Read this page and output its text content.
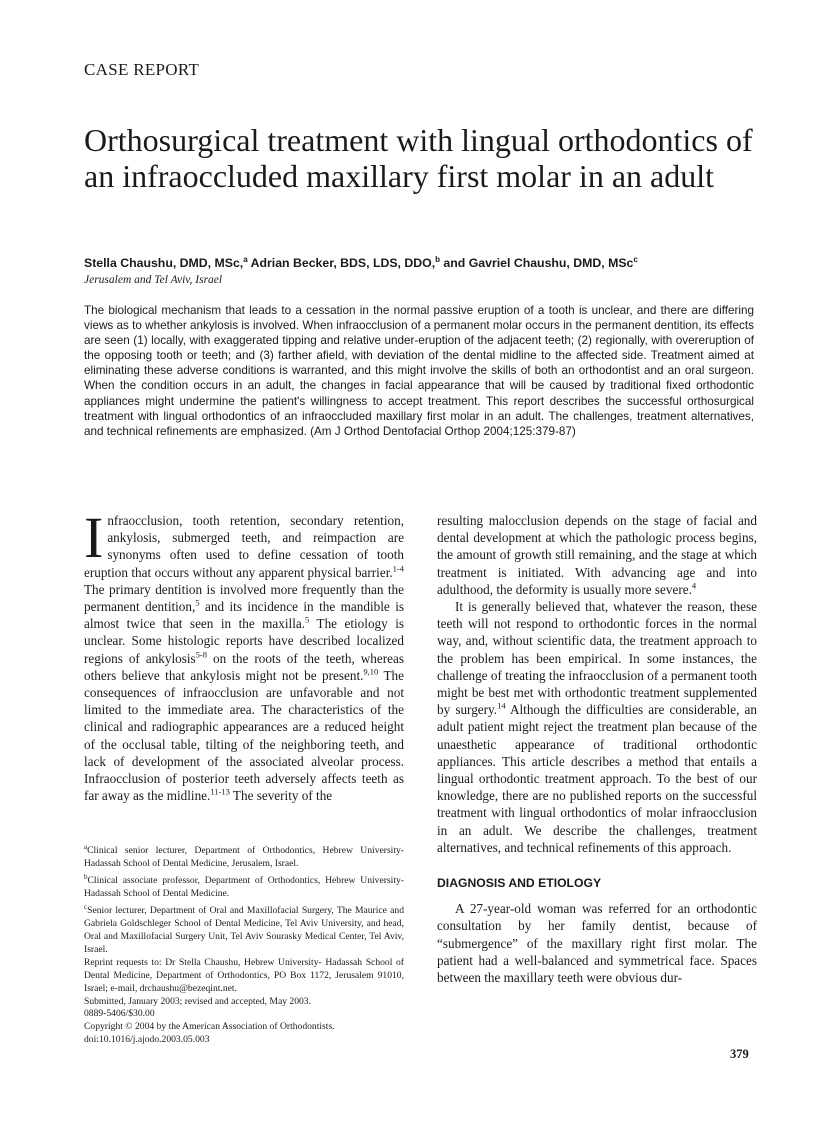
CASE REPORT
Orthosurgical treatment with lingual orthodontics of an infraoccluded maxillary first molar in an adult
Stella Chaushu, DMD, MSc,$^a$ Adrian Becker, BDS, LDS, DDO,$^b$ and Gavriel Chaushu, DMD, MSc$^c$
Jerusalem and Tel Aviv, Israel

The biological mechanism that leads to a cessation in the normal passive eruption of a tooth is unclear, and there are differing views as to whether ankylosis is involved. When infraocclusion of a permanent molar occurs in the permanent dentition, its effects are seen (1) locally, with exaggerated tipping and relative under-eruption of the adjacent teeth; (2) regionally, with overeruption of the opposing tooth or teeth; and (3) farther afield, with deviation of the dental midline to the affected side. Treatment aimed at eliminating these adverse conditions is warranted, and this might involve the skills of both an orthodontist and an oral surgeon. When the condition occurs in an adult, the changes in facial appearance that will be caused by traditional fixed orthodontic appliances might undermine the patient's willingness to accept treatment. This report describes the successful orthosurgical treatment with lingual orthodontics of an infraoccluded maxillary first molar in an adult. The challenges, treatment alternatives, and technical refinements are emphasized. (Am J Orthod Dentofacial Orthop 2004;125:379-87)

Infraocclusion, tooth retention, secondary retention, ankylosis, submerged teeth, and reimpaction are synonyms often used to define cessation of tooth eruption that occurs without any apparent physical barrier.$^{1-4}$ The primary dentition is involved more frequently than the permanent dentition,$^5$ and its incidence in the mandible is almost twice that seen in the maxilla.$^5$ The etiology is unclear. Some histologic reports have described localized regions of ankylosis$^{5-8}$ on the roots of the teeth, whereas others believe that ankylosis might not be present.$^{9,10}$ The consequences of infraocclusion are unfavorable and not limited to the immediate area. The characteristics of the clinical and radiographic appearances are a reduced height of the occlusal table, tilting of the neighboring teeth, and lack of development of the associated alveolar process. Infraocclusion of posterior teeth adversely affects teeth as far away as the midline.$^{11-13}$ The severity of the

$^a$Clinical senior lecturer, Department of Orthodontics, Hebrew University-Hadassah School of Dental Medicine, Jerusalem, Israel.

$^b$Clinical associate professor, Department of Orthodontics, Hebrew University-Hadassah School of Dental Medicine.

$^c$Senior lecturer, Department of Oral and Maxillofacial Surgery, The Maurice and Gabriela Goldschleger School of Dental Medicine, Tel Aviv University, and head, Oral and Maxillofacial Surgery Unit, Tel Aviv Sourasky Medical Center, Tel Aviv, Israel.

Reprint requests to: Dr Stella Chaushu, Hebrew University- Hadassah School of Dental Medicine, Department of Orthodontics, PO Box 1172, Jerusalem 91010, Israel; e-mail, drchaushu@bezeqint.net.

Submitted, January 2003; revised and accepted, May 2003.

0889-5406/$30.00

Copyright © 2004 by the American Association of Orthodontists.

doi:10.1016/j.ajodo.2003.05.003

resulting malocclusion depends on the stage of facial and dental development at which the pathologic process begins, the amount of growth still remaining, and the stage at which treatment is initiated. With advancing age and into adulthood, the deformity is usually more severe.$^4$

It is generally believed that, whatever the reason, these teeth will not respond to orthodontic forces in the normal way, and, without scientific data, the treatment approach to the problem has been empirical. In some instances, the challenge of treating the infraocclusion of a permanent tooth might be best met with orthodontic treatment supplemented by surgery.$^{14}$ Although the difficulties are considerable, an adult patient might reject the treatment plan because of the unaesthetic appearance of traditional orthodontic appliances. This article describes a method that entails a lingual orthodontic treatment approach. To the best of our knowledge, there are no published reports on the successful treatment with lingual orthodontics of molar infraocclusion in an adult. We describe the challenges, treatment alternatives, and technical refinements of this approach.

DIAGNOSIS AND ETIOLOGY

A 27-year-old woman was referred for an orthodontic consultation by her family dentist, because of “submergence” of the maxillary right first molar. The patient had a well-balanced and symmetrical face. Spaces between the maxillary teeth were obvious dur-

379
